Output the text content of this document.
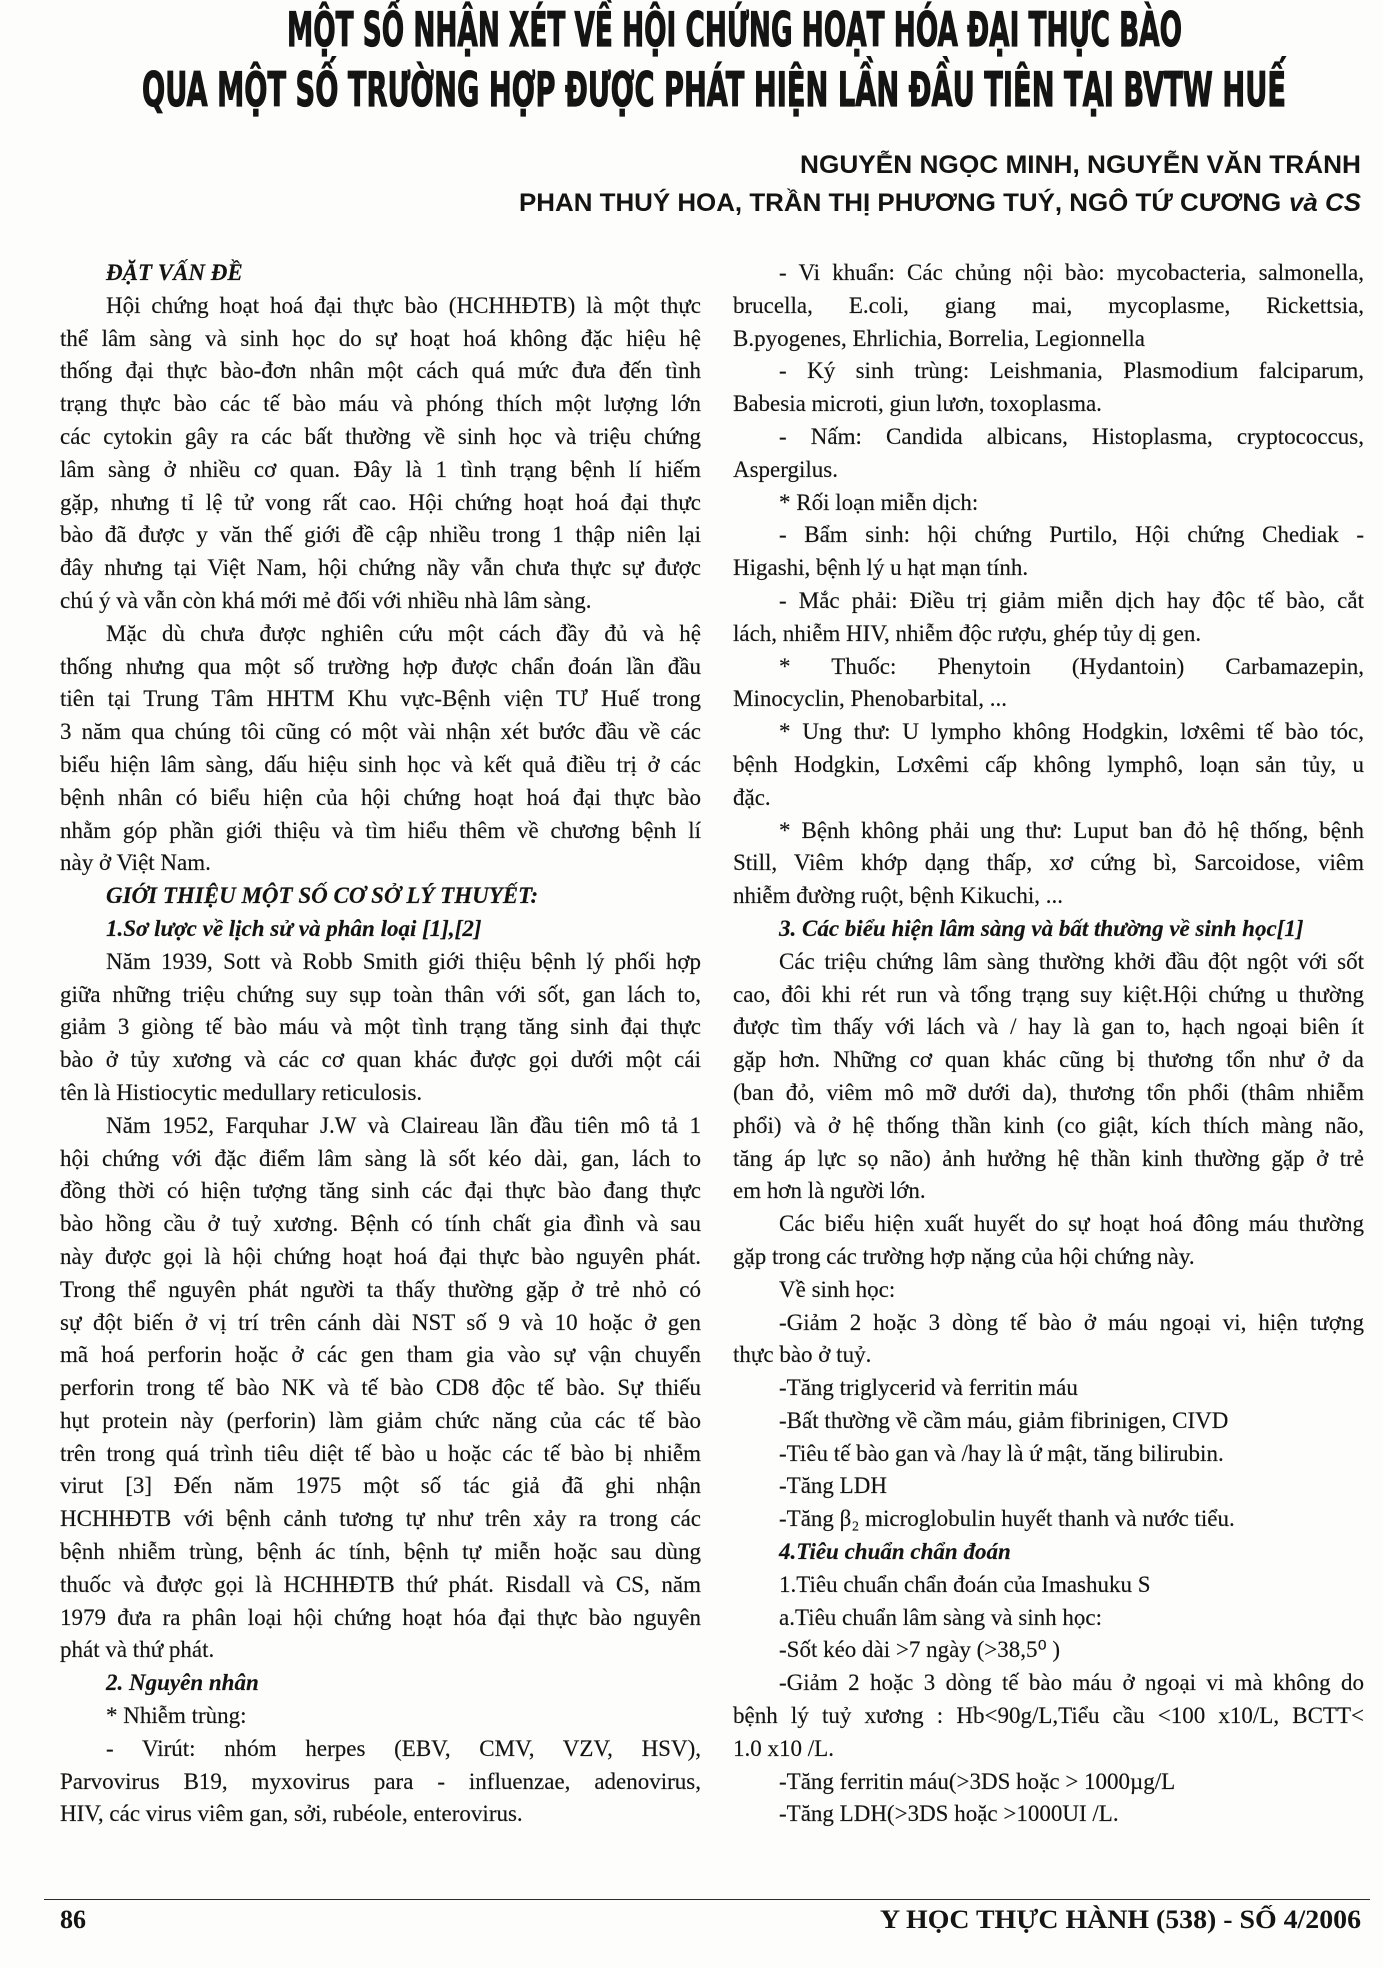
MỘT SỐ NHẬN XÉT VỀ HỘI CHỨNG HOẠT HÓA ĐẠI THỰC BÀO
QUA MỘT SỐ TRƯỜNG HỢP ĐƯỢC PHÁT HIỆN LẦN ĐẦU TIÊN TẠI BVTW HUẾ
NGUYỄN NGỌC MINH, NGUYỄN VĂN TRÁNH
PHAN THUÝ HOA, TRẦN THỊ PHƯƠNG TUÝ, NGÔ TỨ CƯƠNG và CS
ĐẶT VẤN ĐỀ
Hội chứng hoạt hoá đại thực bào (HCHHĐTB) là một thực
thể lâm sàng và sinh học do sự hoạt hoá không đặc hiệu hệ
thống đại thực bào-đơn nhân một cách quá mức đưa đến tình
trạng thực bào các tế bào máu và phóng thích một lượng lớn
các cytokin gây ra các bất thường về sinh học và triệu chứng
lâm sàng ở nhiều cơ quan. Đây là 1 tình trạng bệnh lí hiếm
gặp, nhưng tỉ lệ tử vong rất cao. Hội chứng hoạt hoá đại thực
bào đã được y văn thế giới đề cập nhiều trong 1 thập niên lại
đây nhưng tại Việt Nam, hội chứng nầy vẫn chưa thực sự được
chú ý và vẫn còn khá mới mẻ đối với nhiều nhà lâm sàng.
Mặc dù chưa được nghiên cứu một cách đầy đủ và hệ
thống nhưng qua một số trường hợp được chẩn đoán lần đầu
tiên tại Trung Tâm HHTM Khu vực-Bệnh viện TƯ Huế trong
3 năm qua chúng tôi cũng có một vài nhận xét bước đầu về các
biểu hiện lâm sàng, dấu hiệu sinh học và kết quả điều trị ở các
bệnh nhân có biểu hiện của hội chứng hoạt hoá đại thực bào
nhằm góp phần giới thiệu và tìm hiểu thêm về chương bệnh lí
này ở Việt Nam.
GIỚI THIỆU MỘT SỐ CƠ SỞ LÝ THUYẾT:
1.Sơ lược về lịch sử và phân loại [1],[2]
Năm 1939, Sott và Robb Smith giới thiệu bệnh lý phối hợp
giữa những triệu chứng suy sụp toàn thân với sốt, gan lách to,
giảm 3 giòng tế bào máu và một tình trạng tăng sinh đại thực
bào ở tủy xương và các cơ quan khác được gọi dưới một cái
tên là Histiocytic medullary reticulosis.
Năm 1952, Farquhar J.W và Claireau lần đầu tiên mô tả 1
hội chứng với đặc điểm lâm sàng là sốt kéo dài, gan, lách to
đồng thời có hiện tượng tăng sinh các đại thực bào đang thực
bào hồng cầu ở tuỷ xương. Bệnh có tính chất gia đình và sau
này được gọi là hội chứng hoạt hoá đại thực bào nguyên phát.
Trong thể nguyên phát người ta thấy thường gặp ở trẻ nhỏ có
sự đột biến ở vị trí trên cánh dài NST số 9 và 10 hoặc ở gen
mã hoá perforin hoặc ở các gen tham gia vào sự vận chuyển
perforin trong tế bào NK và tế bào CD8 độc tế bào. Sự thiếu
hụt protein này (perforin) làm giảm chức năng của các tế bào
trên trong quá trình tiêu diệt tế bào u hoặc các tế bào bị nhiễm
virut [3] Đến năm 1975 một số tác giả đã ghi nhận
HCHHĐTB với bệnh cảnh tương tự như trên xảy ra trong các
bệnh nhiễm trùng, bệnh ác tính, bệnh tự miễn hoặc sau dùng
thuốc và được gọi là HCHHĐTB thứ phát. Risdall và CS, năm
1979 đưa ra phân loại hội chứng hoạt hóa đại thực bào nguyên
phát và thứ phát.
2. Nguyên nhân
* Nhiễm trùng:
- Virút: nhóm herpes (EBV, CMV, VZV, HSV),
Parvovirus B19, myxovirus para - influenzae, adenovirus,
HIV, các virus viêm gan, sởi, rubéole, enterovirus.
- Vi khuẩn: Các chủng nội bào: mycobacteria, salmonella,
brucella, E.coli, giang mai, mycoplasme, Rickettsia,
B.pyogenes, Ehrlichia, Borrelia, Legionnella
- Ký sinh trùng: Leishmania, Plasmodium falciparum,
Babesia microti, giun lươn, toxoplasma.
- Nấm: Candida albicans, Histoplasma, cryptococcus,
Aspergilus.
* Rối loạn miễn dịch:
- Bẩm sinh: hội chứng Purtilo, Hội chứng Chediak -
Higashi, bệnh lý u hạt mạn tính.
- Mắc phải: Điều trị giảm miễn dịch hay độc tế bào, cắt
lách, nhiễm HIV, nhiễm độc rượu, ghép tủy dị gen.
* Thuốc: Phenytoin (Hydantoin) Carbamazepin,
Minocyclin, Phenobarbital, ...
* Ung thư: U lympho không Hodgkin, lơxêmi tế bào tóc,
bệnh Hodgkin, Lơxêmi cấp không lymphô, loạn sản tủy, u
đặc.
* Bệnh không phải ung thư: Luput ban đỏ hệ thống, bệnh
Still, Viêm khớp dạng thấp, xơ cứng bì, Sarcoidose, viêm
nhiễm đường ruột, bệnh Kikuchi, ...
3. Các biểu hiện lâm sàng và bất thường về sinh học[1]
Các triệu chứng lâm sàng thường khởi đầu đột ngột với sốt
cao, đôi khi rét run và tổng trạng suy kiệt.Hội chứng u thường
được tìm thấy với lách và / hay là gan to, hạch ngoại biên ít
gặp hơn. Những cơ quan khác cũng bị thương tổn như ở da
(ban đỏ, viêm mô mỡ dưới da), thương tổn phổi (thâm nhiễm
phổi) và ở hệ thống thần kinh (co giật, kích thích màng não,
tăng áp lực sọ não) ảnh hưởng hệ thần kinh thường gặp ở trẻ
em hơn là người lớn.
Các biểu hiện xuất huyết do sự hoạt hoá đông máu thường
gặp trong các trường hợp nặng của hội chứng này.
Về sinh học:
-Giảm 2 hoặc 3 dòng tế bào ở máu ngoại vi, hiện tượng
thực bào ở tuỷ.
-Tăng triglycerid và ferritin máu
-Bất thường về cầm máu, giảm fibrinigen, CIVD
-Tiêu tế bào gan và /hay là ứ mật, tăng bilirubin.
-Tăng LDH
-Tăng β₂ microglobulin huyết thanh và nước tiểu.
4.Tiêu chuẩn chẩn đoán
1.Tiêu chuẩn chẩn đoán của Imashuku S
a.Tiêu chuẩn lâm sàng và sinh học:
-Sốt kéo dài >7 ngày (>38,5⁰ )
-Giảm 2 hoặc 3 dòng tế bào máu ở ngoại vi mà không do
bệnh lý tuỷ xương : Hb<90g/L,Tiểu cầu <100 x10/L, BCTT<
1.0 x10 /L.
-Tăng ferritin máu(>3DS hoặc > 1000µg/L
-Tăng LDH(>3DS hoặc >1000UI /L.
86	Y HỌC THỰC HÀNH (538) - SỐ 4/2006
